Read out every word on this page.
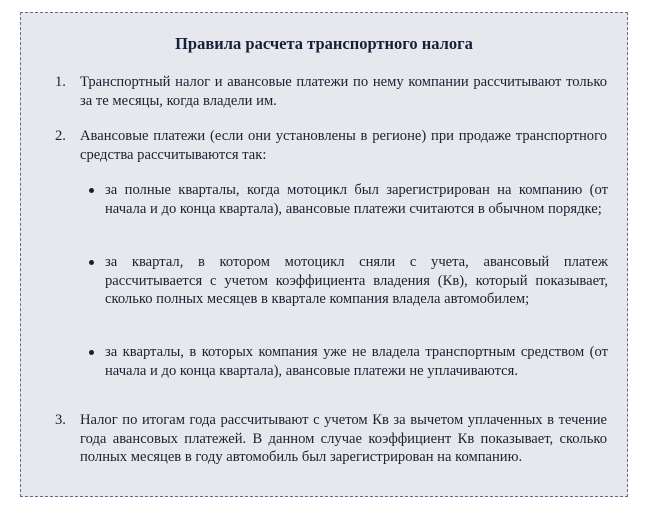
Правила расчета транспортного налога
1. Транспортный налог и авансовые платежи по нему компании рассчитывают только за те месяцы, когда владели им.
2. Авансовые платежи (если они установлены в регионе) при продаже транспортного средства рассчитываются так:
за полные кварталы, когда мотоцикл был зарегистрирован на компанию (от начала и до конца квартала), авансовые платежи считаются в обычном порядке;
за квартал, в котором мотоцикл сняли с учета, авансовый платеж рассчитывается с учетом коэффициента владения (Кв), который показывает, сколько полных месяцев в квартале компания владела автомобилем;
за кварталы, в которых компания уже не владела транспортным средством (от начала и до конца квартала), авансовые платежи не уплачиваются.
3. Налог по итогам года рассчитывают с учетом Кв за вычетом уплаченных в течение года авансовых платежей. В данном случае коэффициент Кв показывает, сколько полных месяцев в году автомобиль был зарегистрирован на компанию.
